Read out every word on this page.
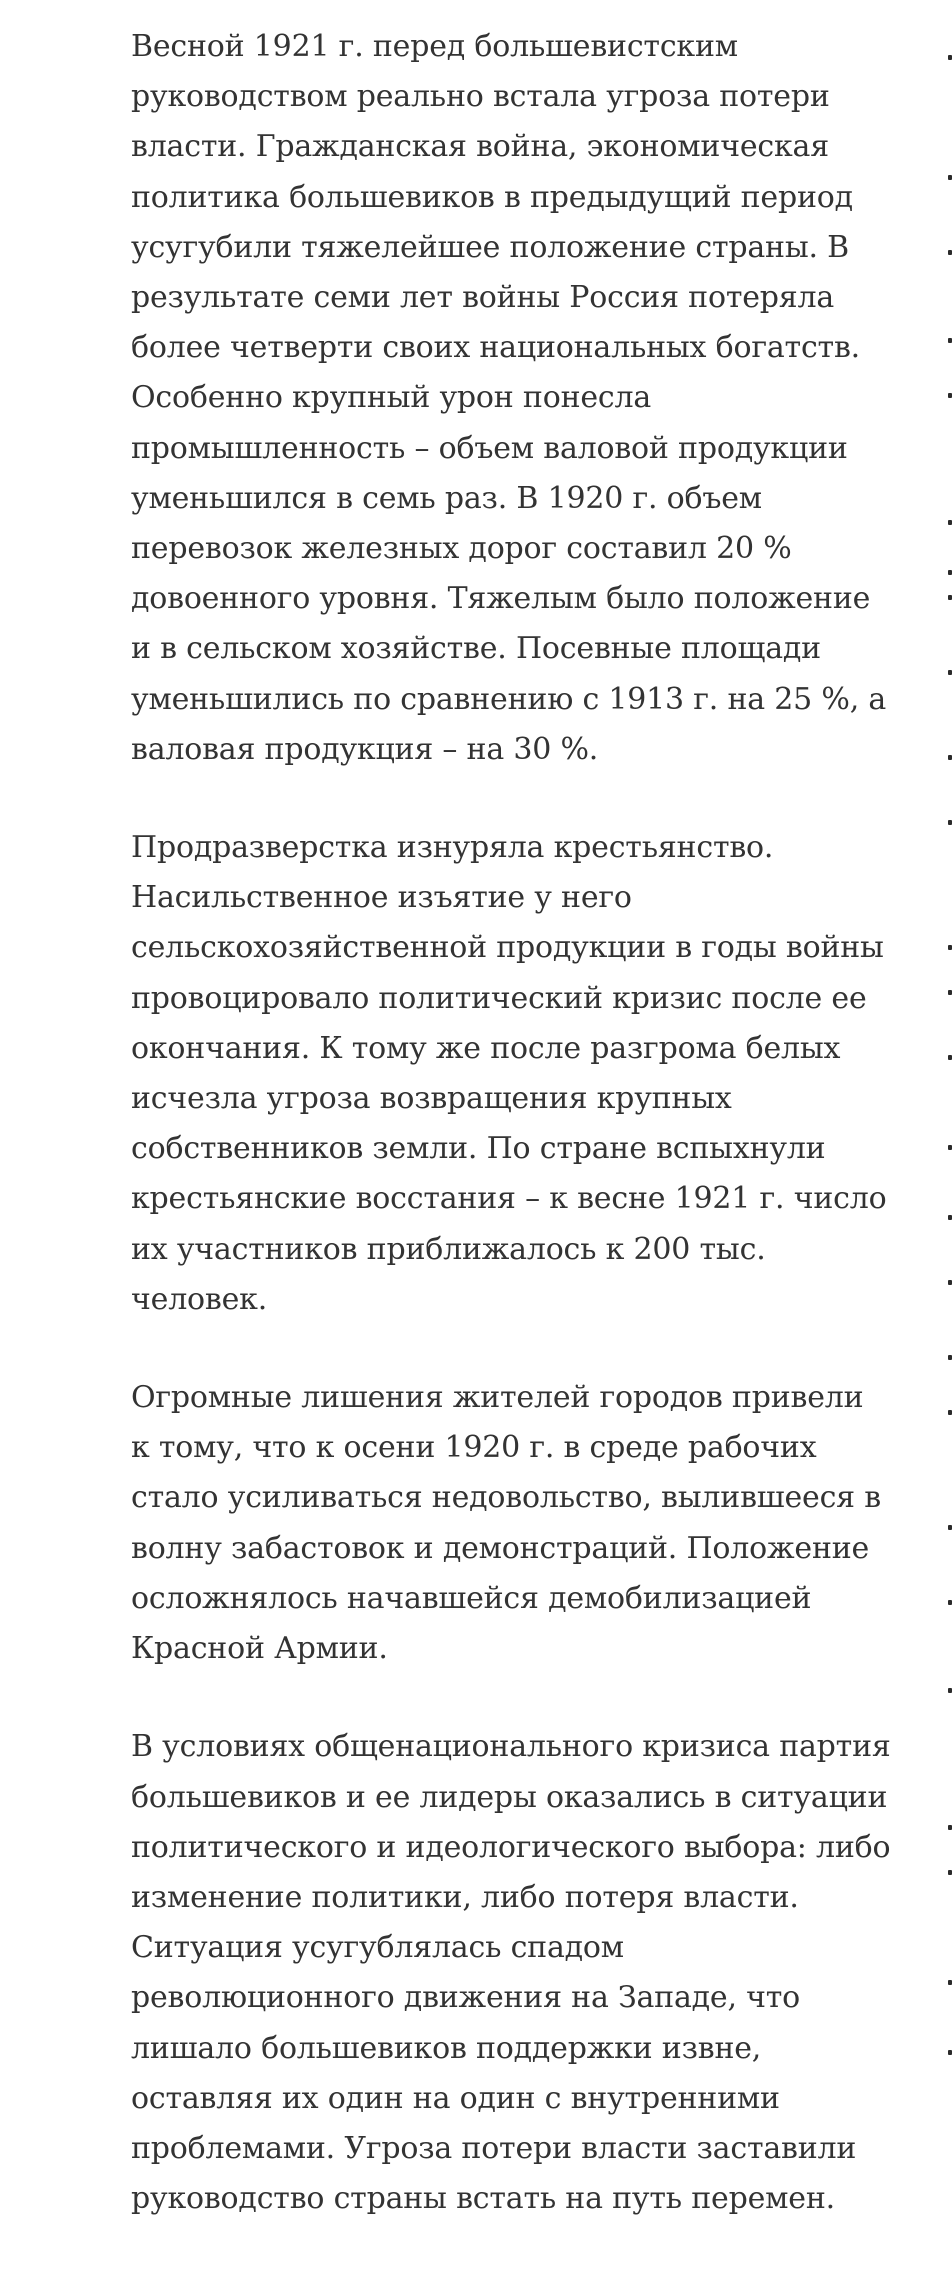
Весной 1921 г. перед большевистским руководством реально встала угроза потери власти. Гражданская война, экономическая политика большевиков в предыдущий период усугубили тяжелейшее положение страны. В результате семи лет войны Россия потеряла более четверти своих национальных богатств. Особенно крупный урон понесла промышленность – объем валовой продукции уменьшился в семь раз. В 1920 г. объем перевозок железных дорог составил 20 % довоенного уровня. Тяжелым было положение и в сельском хозяйстве. Посевные площади уменьшились по сравнению с 1913 г. на 25 %, а валовая продукция – на 30 %.

Продразверстка изнуряла крестьянство. Насильственное изъятие у него сельскохозяйственной продукции в годы войны провоцировало политический кризис после ее окончания. К тому же после разгрома белых исчезла угроза возвращения крупных собственников земли. По стране вспыхнули крестьянские восстания – к весне 1921 г. число их участников приближалось к 200 тыс. человек.

Огромные лишения жителей городов привели к тому, что к осени 1920 г. в среде рабочих стало усиливаться недовольство, вылившееся в волну забастовок и демонстраций. Положение осложнялось начавшейся демобилизацией Красной Армии.

В условиях общенационального кризиса партия большевиков и ее лидеры оказались в ситуации политического и идеологического выбора: либо изменение политики, либо потеря власти. Ситуация усугублялась спадом революционного движения на Западе, что лишало большевиков поддержки извне, оставляя их один на один с внутренними проблемами. Угроза потери власти заставили руководство страны встать на путь перемен.
